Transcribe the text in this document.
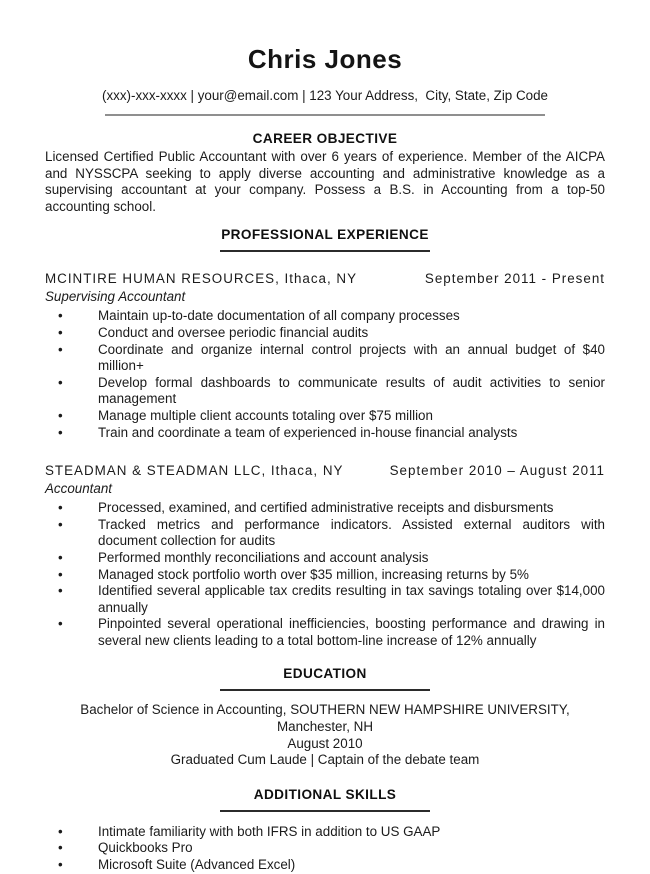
Chris Jones
(xxx)-xxx-xxxx | your@email.com | 123 Your Address,  City, State, Zip Code
CAREER OBJECTIVE

Licensed Certified Public Accountant with over 6 years of experience. Member of the AICPA and NYSSCPA seeking to apply diverse accounting and administrative knowledge as a supervising accountant at your company. Possess a B.S. in Accounting from a top-50 accounting school.

PROFESSIONAL EXPERIENCE
MCINTIRE HUMAN RESOURCES, Ithaca, NY	September 2011 - Present
Supervising Accountant
• Maintain up-to-date documentation of all company processes
• Conduct and oversee periodic financial audits
• Coordinate and organize internal control projects with an annual budget of $40 million+
• Develop formal dashboards to communicate results of audit activities to senior management
• Manage multiple client accounts totaling over $75 million
• Train and coordinate a team of experienced in-house financial analysts
STEADMAN & STEADMAN LLC, Ithaca, NY	September 2010 – August 2011
Accountant
• Processed, examined, and certified administrative receipts and disbursments
• Tracked metrics and performance indicators. Assisted external auditors with document collection for audits
• Performed monthly reconciliations and account analysis
• Managed stock portfolio worth over $35 million, increasing returns by 5%
• Identified several applicable tax credits resulting in tax savings totaling over $14,000 annually
• Pinpointed several operational inefficiencies, boosting performance and drawing in several new clients leading to a total bottom-line increase of 12% annually
EDUCATION
Bachelor of Science in Accounting, SOUTHERN NEW HAMPSHIRE UNIVERSITY, Manchester, NH
August 2010
Graduated Cum Laude | Captain of the debate team
ADDITIONAL SKILLS
• Intimate familiarity with both IFRS in addition to US GAAP
• Quickbooks Pro
• Microsoft Suite (Advanced Excel)
